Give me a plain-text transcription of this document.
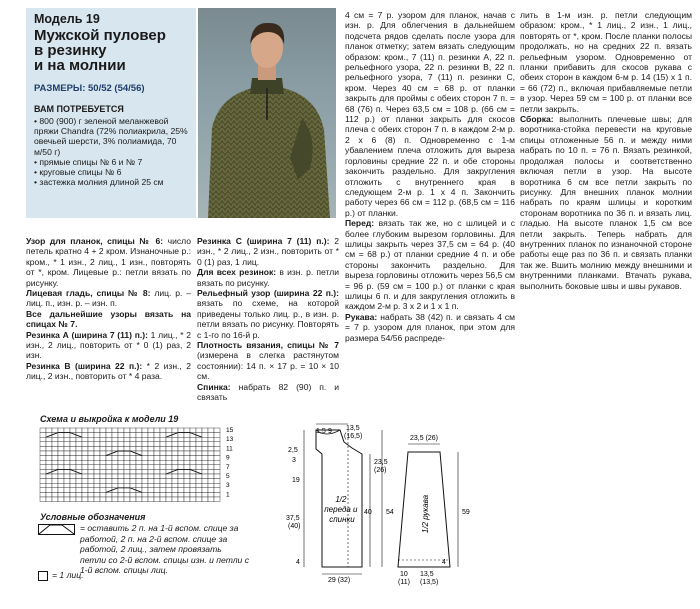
Модель 19
Мужской пуловер
в резинку
и на молнии
РАЗМЕРЫ: 50/52 (54/56)
ВАМ ПОТРЕБУЕТСЯ
• 800 (900) г зеленой меланжевой пряжи Chandra (72% полиакрила, 25% овечьей шерсти, 3% полиамида, 70 м/50 г)
• прямые спицы № 6 и № 7
• круговые спицы № 6
• застежка молния длиной 25 см

Узор для планок, спицы № 6: число петель кратно 4 + 2 кром. Изнаночные р.: кром., * 1 изн., 2 лиц., 1 изн., повторять от *, кром. Лицевые р.: петли вязать по рисунку.

Лицевая гладь, спицы № 8: лиц. р. – лиц. п., изн. р. – изн. п.

Все дальнейшие узоры вязать на спицах № 7.

Резинка А (ширина 7 (11) п.): 1 лиц., * 2 изн., 2 лиц., повторить от * 0 (1) раз, 2 изн.

Резинка В (ширина 22 п.): * 2 изн., 2 лиц., 2 изн., повторить от * 4 раза.

Резинка С (ширина 7 (11) п.): 2 изн., * 2 лиц., 2 изн., повторить от * 0 (1) раз, 1 лиц.

Для всех резинок: в изн. р. петли вязать по рисунку.

Рельефный узор (ширина 22 п.): вязать по схеме, на которой приведены только лиц. р., в изн. р. петли вязать по рисунку. Повторять с 1-го по 16-й р.

Плотность вязания, спицы № 7 (измерена в слегка растянутом состоянии): 14 п. × 17 р. = 10 × 10 см.

Спинка: набрать 82 (90) п. и связать

4 см = 7 р. узором для планок, начав с изн. р. Для облегчения в дальнейшем подсчета рядов сделать после узора для планок отметку; затем вязать следующим образом: кром., 7 (11) п. резинки А, 22 п. рельефного узора, 22 п. резинки В, 22 п. рельефного узора, 7 (11) п. резинки С, кром. Через 40 см = 68 р. от планки закрыть для проймы с обеих сторон 7 п. = 68 (76) п. Через 63,5 см = 108 р. (66 см = 112 р.) от планки закрыть для скосов плеча с обеих сторон 7 п. в каждом 2-м р. 2 х 6 (8) п. Одновременно с 1-м убавлением плеча отложить для выреза горловины средние 22 п. и обе стороны закончить раздельно. Для закругления отложить с внутреннего края в следующем 2-м р. 1 х 4 п. Закончить работу через 66 см = 112 р. (68,5 см = 116 р.) от планки.

Перед: вязать так же, но с шлицей и с более глубоким вырезом горловины. Для шлицы закрыть через 37,5 см = 64 р. (40 см = 68 р.) от планки средние 4 п. и обе стороны закончить раздельно. Для выреза горловины отложить через 56,5 см = 96 р. (59 см = 100 р.) от планки с края шлицы 6 п. и для закругления отложить в каждом 2-м р. 3 х 2 и 1 х 1 п.

Рукава: набрать 38 (42) п. и связать 4 см = 7 р. узором для планок, при этом для размера 54/56 распреде-

лить в 1-м изн. р. петли следующим образом: кром., * 1 лиц., 2 изн., 1 лиц., повторять от *, кром. После планки полосы продолжать, но на средних 22 п. вязать рельефным узором. Одновременно от планки прибавить для скосов рукава с обеих сторон в каждом 6-м р. 14 (15) х 1 п. = 66 (72) п., включая прибавляемые петли в узор. Через 59 см = 100 р. от планки все петли закрыть.

Сборка: выполнить плечевые швы; для воротника-стойка перевести на круговые спицы отложенные 56 п. и между ними набрать по 10 п. = 76 п. Вязать резинкой, продолжая полосы и соответственно включая петли в узор. На высоте воротника 6 см все петли закрыть по рисунку. Для внешних планок молнии набрать по краям шлицы и коротким сторонам воротника по 36 п. и вязать лиц. гладью. На высоте планок 1,5 см все петли закрыть. Теперь набрать для внутренних планок по изнаночной стороне работы еще раз по 36 п. и связать планки так же. Вшить молнию между внешними и внутренними планками. Втачать рукава, выполнить боковые швы и швы рукавов.

Схема и выкройка к модели 19
15
13
11
9
7
5
3
1
Условные обозначения
= оставить 2 п. на 1-й вспом. спице за работой, 2 п. на 2-й вспом. спице за работой, 2 лиц., затем провязать петли со 2-й вспом. спицы изн. и петли с 1-й вспом. спицы лиц.
= 1 лиц.
1/2 переда и спинки
1,5 9 13,5
(16,5)
2,5
3	23,5
(26)
19
37,5
(40)
40 54
4
29 (32)
1/2 рукава
23,5 (26)
59
4
10 13,5
(11) (13,5)
